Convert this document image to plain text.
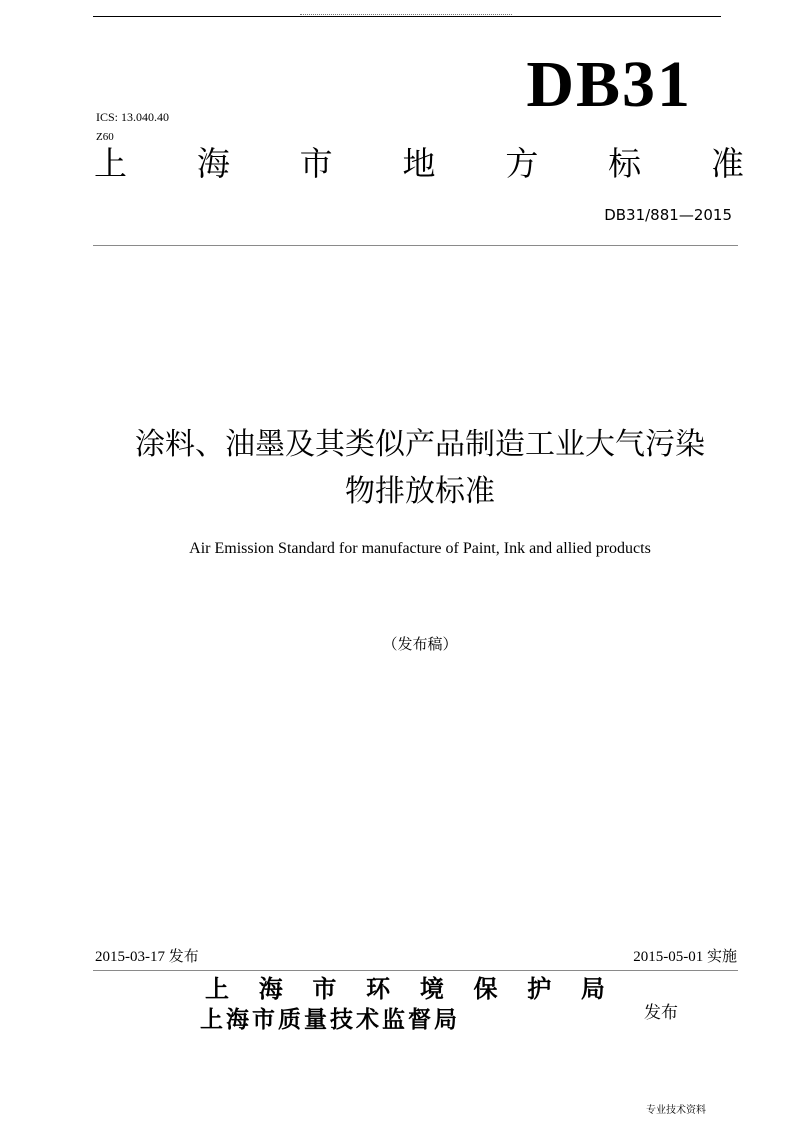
DB31
ICS: 13.040.40
Z60
上 海 市 地 方 标 准
DB31/881—2015
涂料、油墨及其类似产品制造工业大气污染
物排放标准
Air Emission Standard for manufacture of Paint, Ink and allied products
（发布稿）
2015-03-17 发布	2015-05-01 实施
上 海 市 环 境 保 护 局
上海市质量技术监督局	发布
专业技术资料
